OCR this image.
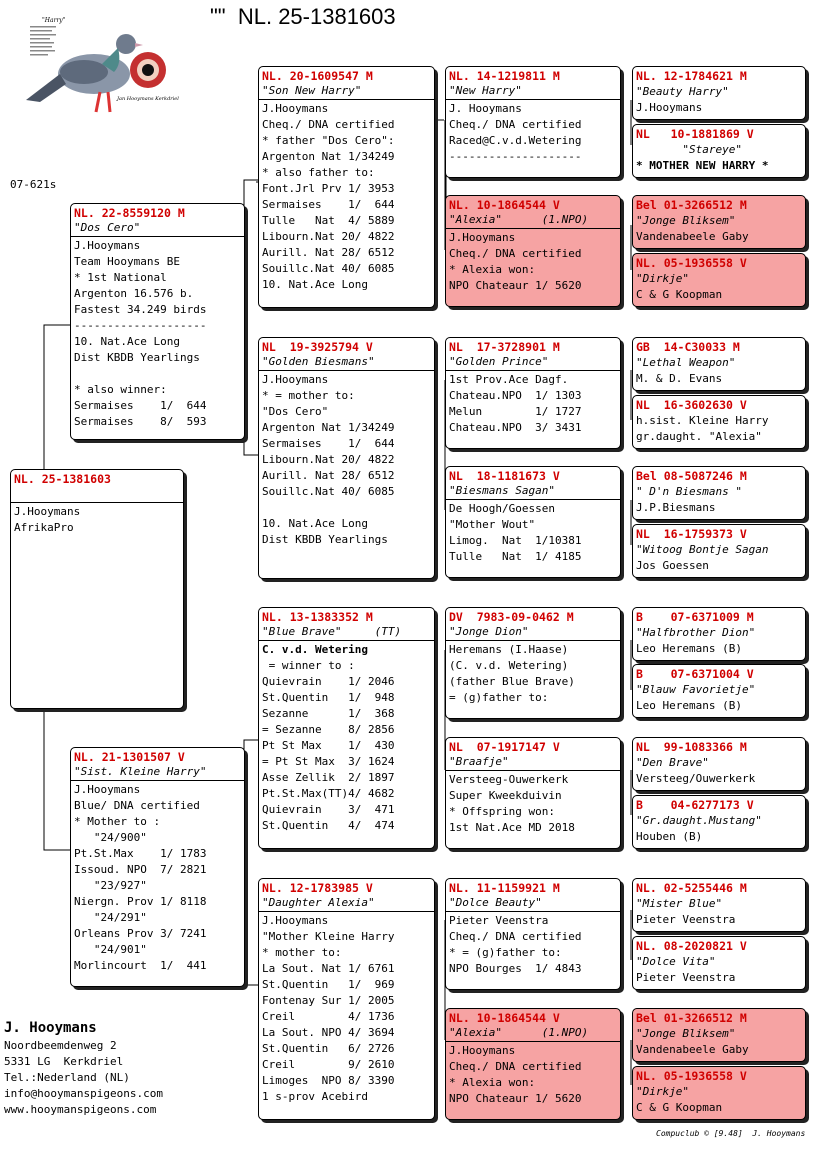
""  NL. 25-1381603
"Harry"
Jan Hooymans Kerkdriel
07-621s
NL. 25-1381603
J.Hooymans
AfrikaPro
NL. 22-8559120 M
"Dos Cero"
J.Hooymans
Team Hooymans BE
* 1st National
Argenton 16.576 b.
Fastest 34.249 birds
--------------------
10. Nat.Ace Long
Dist KBDB Yearlings
* also winner:
Sermaises    1/  644
Sermaises    8/  593
NL. 21-1301507 V
"Sist. Kleine Harry"
J.Hooymans
Blue/ DNA certified
* Mother to :
"24/900"
Pt.St.Max    1/ 1783
Issoud. NPO  7/ 2821
"23/927"
Niergn. Prov 1/ 8118
"24/291"
Orleans Prov 3/ 7241
"24/901"
Morlincourt  1/  441
NL. 20-1609547 M
"Son New Harry"
J.Hooymans
Cheq./ DNA certified
* father "Dos Cero":
Argenton Nat 1/34249
* also father to:
Font.Jrl Prv 1/ 3953
Sermaises    1/  644
Tulle   Nat  4/ 5889
Libourn.Nat 20/ 4822
Aurill. Nat 28/ 6512
Souillc.Nat 40/ 6085
10. Nat.Ace Long
NL  19-3925794 V
"Golden Biesmans"
J.Hooymans
* = mother to:
"Dos Cero"
Argenton Nat 1/34249
Sermaises    1/  644
Libourn.Nat 20/ 4822
Aurill. Nat 28/ 6512
Souillc.Nat 40/ 6085
10. Nat.Ace Long
Dist KBDB Yearlings
NL. 13-1383352 M
"Blue Brave"     (TT)
C. v.d. Wetering
= winner to :
Quievrain    1/ 2046
St.Quentin   1/  948
Sezanne      1/  368
= Sezanne    8/ 2856
Pt St Max    1/  430
= Pt St Max  3/ 1624
Asse Zellik  2/ 1897
Pt.St.Max(TT)4/ 4682
Quievrain    3/  471
St.Quentin   4/  474
NL. 12-1783985 V
"Daughter Alexia"
J.Hooymans
"Mother Kleine Harry
* mother to:
La Sout. Nat 1/ 6761
St.Quentin   1/  969
Fontenay Sur 1/ 2005
Creil        4/ 1736
La Sout. NPO 4/ 3694
St.Quentin   6/ 2726
Creil        9/ 2610
Limoges  NPO 8/ 3390
1 s-prov Acebird
NL. 14-1219811 M
"New Harry"
J. Hooymans
Cheq./ DNA certified
Raced@C.v.d.Wetering
--------------------
NL. 10-1864544 V
"Alexia"      (1.NPO)
J.Hooymans
Cheq./ DNA certified
* Alexia won:
NPO Chateaur 1/ 5620
NL  17-3728901 M
"Golden Prince"
1st Prov.Ace Dagf.
Chateau.NPO  1/ 1303
Melun        1/ 1727
Chateau.NPO  3/ 3431
NL  18-1181673 V
"Biesmans Sagan"
De Hoogh/Goessen
"Mother Wout"
Limog.  Nat  1/10381
Tulle   Nat  1/ 4185
DV  7983-09-0462 M
"Jonge Dion"
Heremans (I.Haase)
(C. v.d. Wetering)
(father Blue Brave)
= (g)father to:
NL  07-1917147 V
"Braafje"
Versteeg-Ouwerkerk
Super Kweekduivin
* Offspring won:
1st Nat.Ace MD 2018
NL. 11-1159921 M
"Dolce Beauty"
Pieter Veenstra
Cheq./ DNA certified
* = (g)father to:
NPO Bourges  1/ 4843
NL. 10-1864544 V
"Alexia"      (1.NPO)
J.Hooymans
Cheq./ DNA certified
* Alexia won:
NPO Chateaur 1/ 5620
NL. 12-1784621 M
"Beauty Harry"
J.Hooymans
NL   10-1881869 V
"Stareye"
* MOTHER NEW HARRY *
Bel 01-3266512 M
"Jonge Bliksem"
Vandenabeele Gaby
NL. 05-1936558 V
"Dirkje"
C & G Koopman
GB  14-C30033 M
"Lethal Weapon"
M. & D. Evans
NL  16-3602630 V
h.sist. Kleine Harry
gr.daught. "Alexia"
Bel 08-5087246 M
" D'n Biesmans "
J.P.Biesmans
NL  16-1759373 V
"Witoog Bontje Sagan
Jos Goessen
B    07-6371009 M
"Halfbrother Dion"
Leo Heremans (B)
B    07-6371004 V
"Blauw Favorietje"
Leo Heremans (B)
NL  99-1083366 M
"Den Brave"
Versteeg/Ouwerkerk
B    04-6277173 V
"Gr.daught.Mustang"
Houben (B)
NL. 02-5255446 M
"Mister Blue"
Pieter Veenstra
NL. 08-2020821 V
"Dolce Vita"
Pieter Veenstra
Bel 01-3266512 M
"Jonge Bliksem"
Vandenabeele Gaby
NL. 05-1936558 V
"Dirkje"
C & G Koopman
J. Hooymans
Noordbeemdenweg 2
5331 LG  Kerkdriel
Tel.:Nederland (NL)
info@hooymanspigeons.com
www.hooymanspigeons.com
Compuclub © [9.48]  J. Hooymans
